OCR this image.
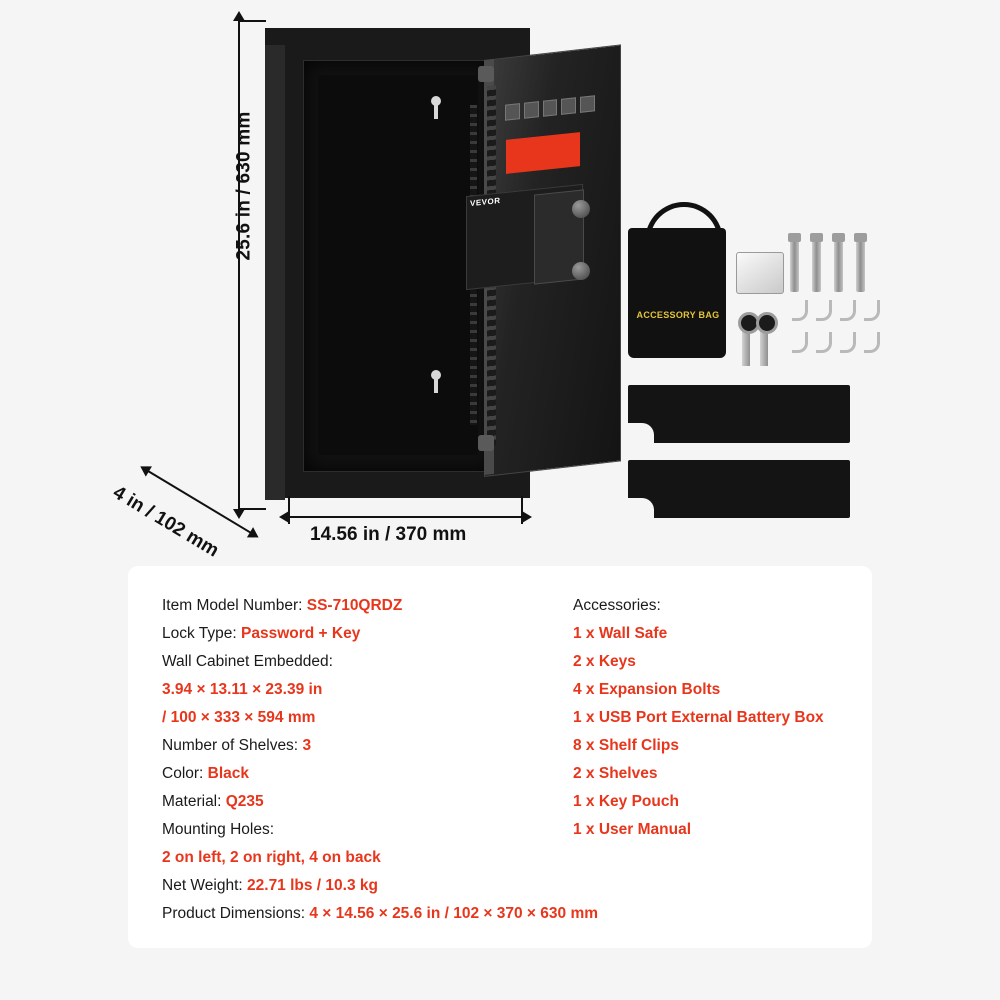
VEVOR
25.6 in / 630 mm
14.56 in / 370 mm
4 in / 102 mm
ACCESSORY BAG
Item Model Number: SS-710QRDZ
Lock Type: Password + Key
Wall Cabinet Embedded:
3.94 × 13.11 × 23.39 in
/ 100 × 333 × 594 mm
Number of Shelves: 3
Color: Black
Material: Q235
Mounting Holes:
2 on left, 2 on right, 4 on back
Net Weight: 22.71 lbs / 10.3 kg
Product Dimensions: 4 × 14.56 × 25.6 in / 102 × 370 × 630 mm
Accessories:
1 x Wall Safe
2 x Keys
4 x Expansion Bolts
1 x USB Port External Battery Box
8 x Shelf Clips
2 x Shelves
1 x Key Pouch
1 x User Manual
